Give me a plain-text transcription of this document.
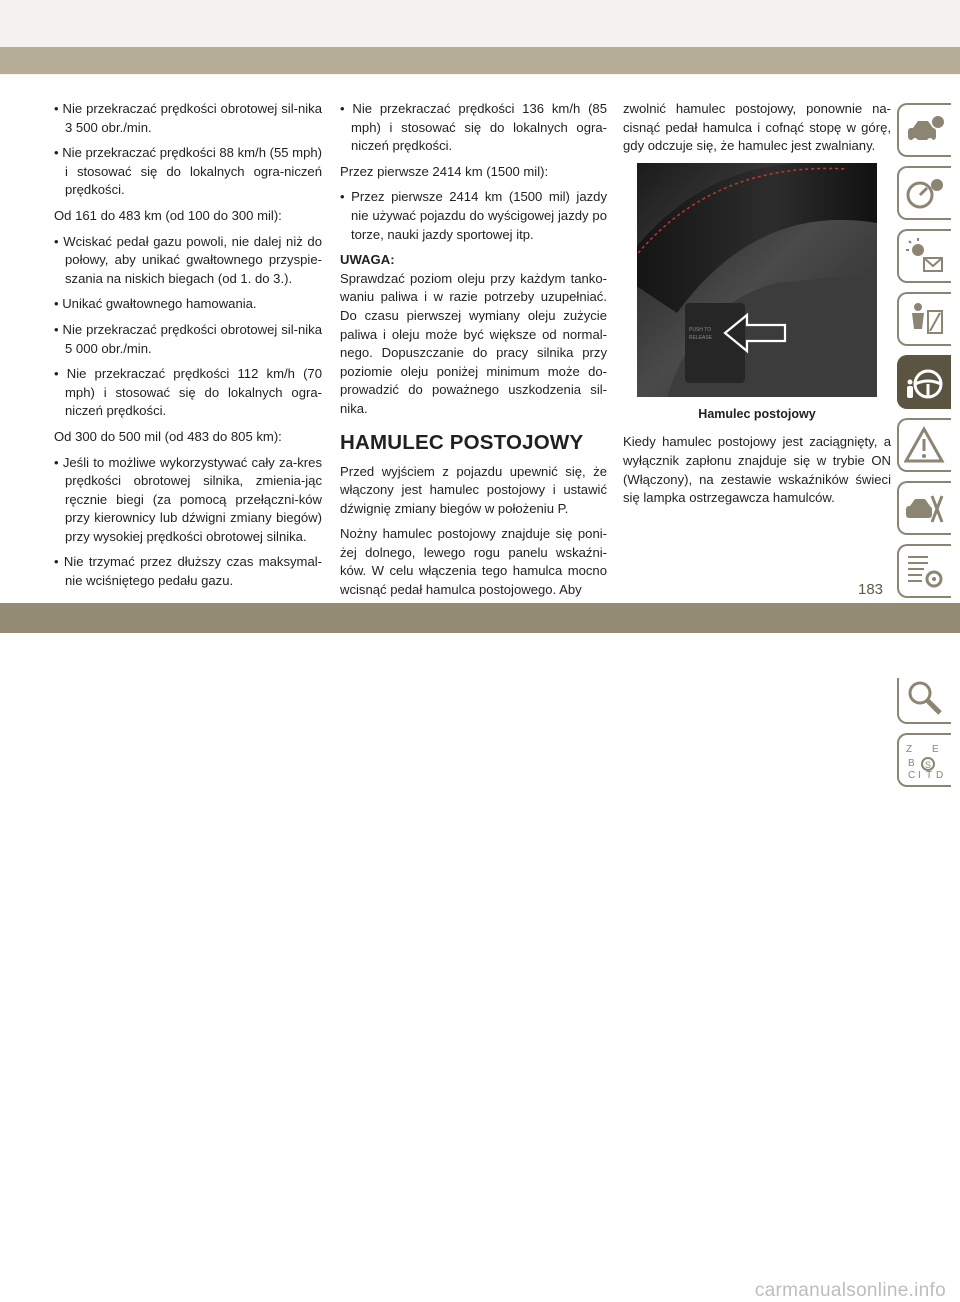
• Nie przekraczać prędkości obrotowej sil-nika 3 500 obr./min.

• Nie przekraczać prędkości 88 km/h (55 mph) i stosować się do lokalnych ogra-niczeń prędkości.

Od 161 do 483 km (od 100 do 300 mil):

• Wciskać pedał gazu powoli, nie dalej niż do połowy, aby unikać gwałtownego przyspie-szania na niskich biegach (od 1. do 3.).

• Unikać gwałtownego hamowania.

• Nie przekraczać prędkości obrotowej sil-nika 5 000 obr./min.

• Nie przekraczać prędkości 112 km/h (70 mph) i stosować się do lokalnych ogra-niczeń prędkości.

Od 300 do 500 mil (od 483 do 805 km):

• Jeśli to możliwe wykorzystywać cały za-kres prędkości obrotowej silnika, zmienia-jąc ręcznie biegi (za pomocą przełączni-ków przy kierownicy lub dźwigni zmiany biegów) przy wysokiej prędkości obrotowej silnika.

• Nie trzymać przez dłuższy czas maksymal-nie wciśniętego pedału gazu.

• Nie przekraczać prędkości 136 km/h (85 mph) i stosować się do lokalnych ogra-niczeń prędkości.

Przez pierwsze 2414 km (1500 mil):

• Przez pierwsze 2414 km (1500 mil) jazdy nie używać pojazdu do wyścigowej jazdy po torze, nauki jazdy sportowej itp.

UWAGA:

Sprawdzać poziom oleju przy każdym tanko-waniu paliwa i w razie potrzeby uzupełniać. Do czasu pierwszej wymiany oleju zużycie paliwa i oleju może być większe od normal-nego. Dopuszczanie do pracy silnika przy poziomie oleju poniżej minimum może do-prowadzić do poważnego uszkodzenia sil-nika.

HAMULEC POSTOJOWY

Przed wyjściem z pojazdu upewnić się, że włączony jest hamulec postojowy i ustawić dźwignię zmiany biegów w położeniu P.

Nożny hamulec postojowy znajduje się poni-żej dolnego, lewego rogu panelu wskaźni-ków. W celu włączenia tego hamulca mocno wcisnąć pedał hamulca postojowego. Aby

zwolnić hamulec postojowy, ponownie na-cisnąć pedał hamulca i cofnąć stopę w górę, gdy odczuje się, że hamulec jest zwalniany.

PUSH TO
RELEASE
Hamulec postojowy

Kiedy hamulec postojowy jest zaciągnięty, a wyłącznik zapłonu znajduje się w trybie ON (Włączony), na zestawie wskaźników świeci się lampka ostrzegawcza hamulców.

Z E
B
I T D
C
S
183
carmanualsonline.info
